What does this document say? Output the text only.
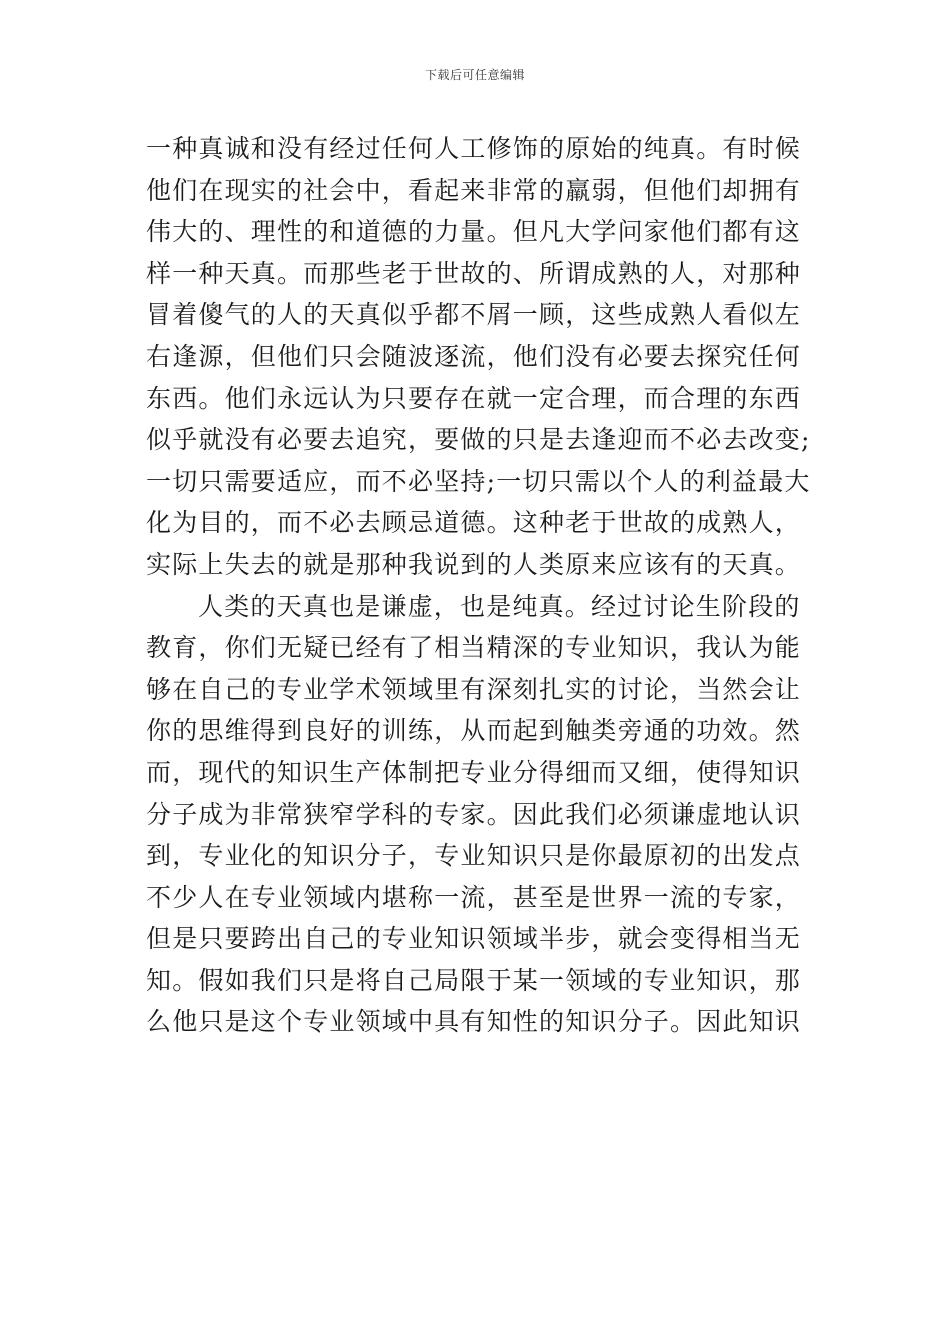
下载后可任意编辑
一种真诚和没有经过任何人工修饰的原始的纯真。有时候
他们在现实的社会中，看起来非常的羸弱，但他们却拥有
伟大的、理性的和道德的力量。但凡大学问家他们都有这
样一种天真。而那些老于世故的、所谓成熟的人，对那种
冒着傻气的人的天真似乎都不屑一顾，这些成熟人看似左
右逢源，但他们只会随波逐流，他们没有必要去探究任何
东西。他们永远认为只要存在就一定合理，而合理的东西
似乎就没有必要去追究，要做的只是去逢迎而不必去改变;
一切只需要适应，而不必坚持;一切只需以个人的利益最大
化为目的，而不必去顾忌道德。这种老于世故的成熟人，
实际上失去的就是那种我说到的人类原来应该有的天真。
人类的天真也是谦虚，也是纯真。经过讨论生阶段的
教育，你们无疑已经有了相当精深的专业知识，我认为能
够在自己的专业学术领域里有深刻扎实的讨论，当然会让
你的思维得到良好的训练，从而起到触类旁通的功效。然
而，现代的知识生产体制把专业分得细而又细，使得知识
分子成为非常狭窄学科的专家。因此我们必须谦虚地认识
到，专业化的知识分子，专业知识只是你最原初的出发点
不少人在专业领域内堪称一流，甚至是世界一流的专家，
但是只要跨出自己的专业知识领域半步，就会变得相当无
知。假如我们只是将自己局限于某一领域的专业知识，那
么他只是这个专业领域中具有知性的知识分子。因此知识
